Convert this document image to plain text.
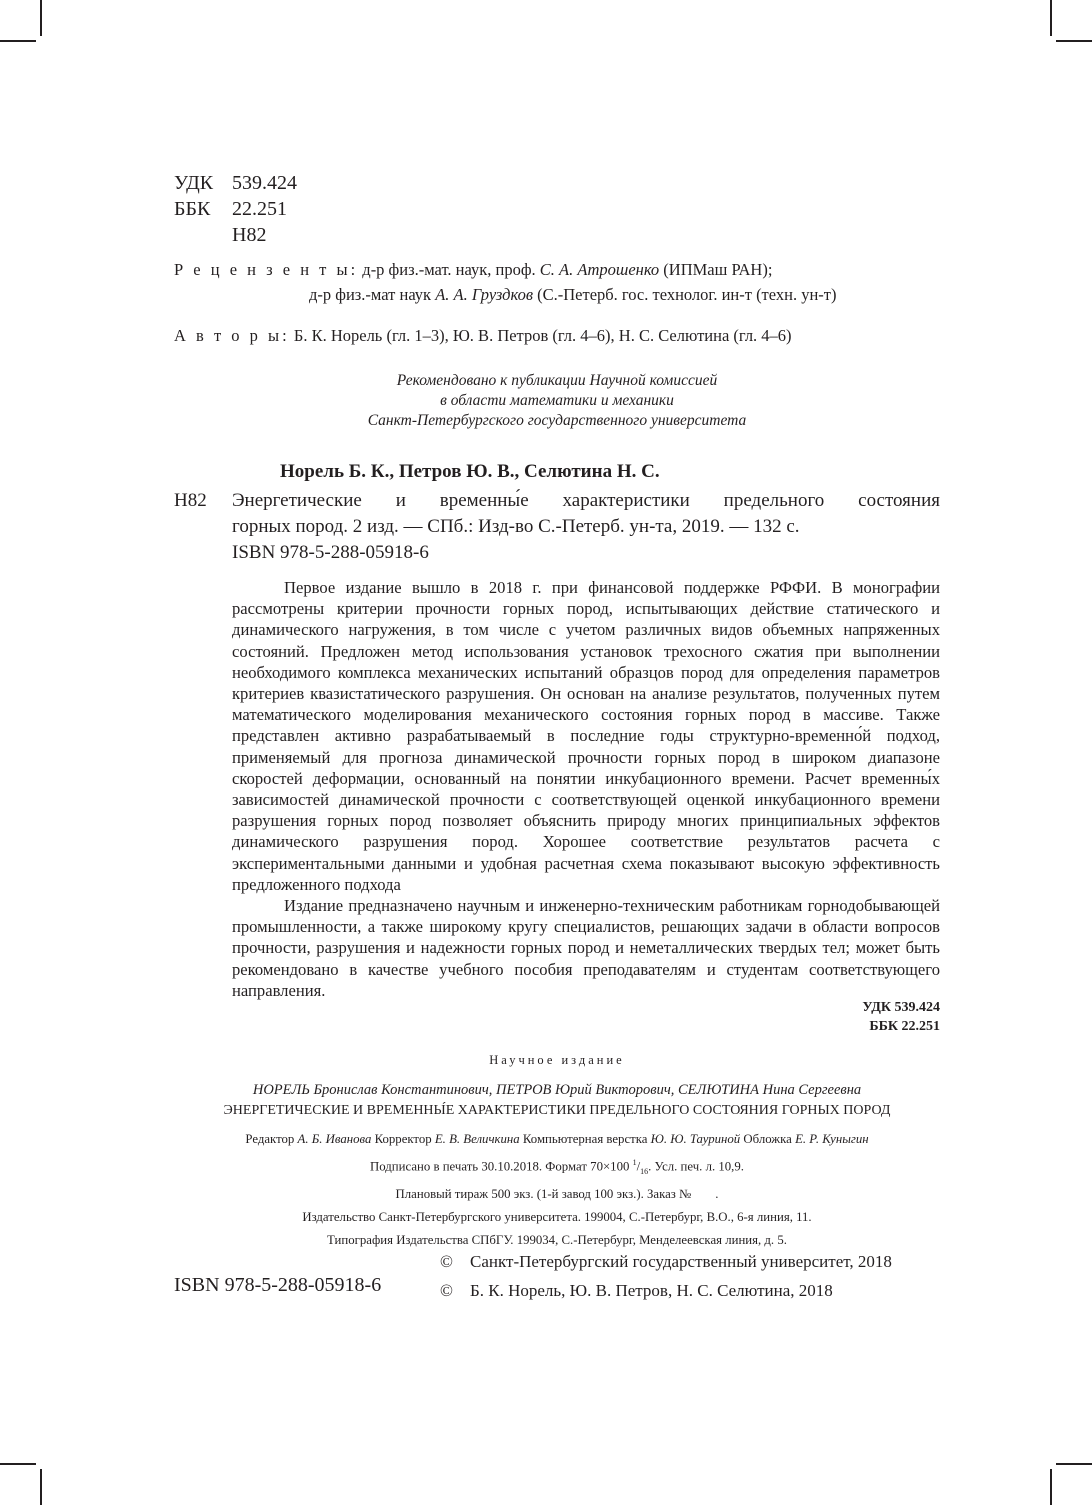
УДК 539.424
ББК	22.251
Н82
Р е ц е н з е н т ы: д-р физ.-мат. наук, проф. С. А. Атрошенко (ИПМаш РАН);
д-р физ.-мат наук А. А. Груздков (С.-Петерб. гос. технолог. ин-т (техн. ун-т)
А в т о р ы: Б. К. Норель (гл. 1–3), Ю. В. Петров (гл. 4–6), Н. С. Селютина (гл. 4–6)
Рекомендовано к публикации Научной комиссией
в области математики и механики
Санкт-Петербургского государственного университета
Норель Б. К., Петров Ю. В., Селютина Н. С.
Н82	Энергетические и временны́е характеристики предельного состояния
горных пород. 2 изд. — СПб.: Изд-во С.-Петерб. ун-та, 2019. — 132 с.
ISBN 978-5-288-05918-6

Первое издание вышло в 2018 г. при финансовой поддержке РФФИ. В монографии рассмотрены критерии прочности горных пород, испытывающих действие статического и динамического нагружения, в том числе с учетом различных видов объемных напряженных состояний. Предложен метод использования установок трехосного сжатия при выполнении необходимого комплекса механических испытаний образцов пород для определения параметров критериев квазистатического разрушения. Он основан на анализе результатов, полученных путем математического моделирования механического состояния горных пород в массиве. Также представлен активно разрабатываемый в последние годы структурно-временно́й подход, применяемый для прогноза динамической прочности горных пород в широком диапазоне скоростей деформации, основанный на понятии инкубационного времени. Расчет временны́х зависимостей динамической прочности с соответствующей оценкой инкубационного времени разрушения горных пород позволяет объяснить природу многих принципиальных эффектов динамического разрушения пород. Хорошее соответствие результатов расчета с экспериментальными данными и удобная расчетная схема показывают высокую эффективность предложенного подхода

Издание предназначено научным и инженерно-техническим работникам горнодобывающей промышленности, а также широкому кругу специалистов, решающих задачи в области вопросов прочности, разрушения и надежности горных пород и неметаллических твердых тел; может быть рекомендовано в качестве учебного пособия преподавателям и студентам соответствующего направления.

УДК 539.424
ББК 22.251
Научное издание
НОРЕЛЬ Бронислав Константинович, ПЕТРОВ Юрий Викторович, СЕЛЮТИНА Нина Сергеевна
ЭНЕРГЕТИЧЕСКИЕ И ВРЕМЕННЫ́Е ХАРАКТЕРИСТИКИ ПРЕДЕЛЬНОГО СОСТОЯНИЯ ГОРНЫХ ПОРОД
Редактор А. Б. Иванова Корректор Е. В. Величкина Компьютерная верстка Ю. Ю. Тауриной Обложка Е. Р. Куныгин
Подписано в печать 30.10.2018. Формат 70×100 $^1/_{16}$. Усл. печ. л. 10,9.
Плановый тираж 500 экз. (1-й завод 100 экз.). Заказ № .
Издательство Санкт-Петербургского университета. 199004, С.-Петербург, В.О., 6-я линия, 11.
Типография Издательства СПбГУ. 199034, С.-Петербург, Менделеевская линия, д. 5.
ISBN 978-5-288-05918-6
©	Санкт-Петербургский государственный университет, 2018
©	Б. К. Норель, Ю. В. Петров, Н. С. Селютина, 2018
